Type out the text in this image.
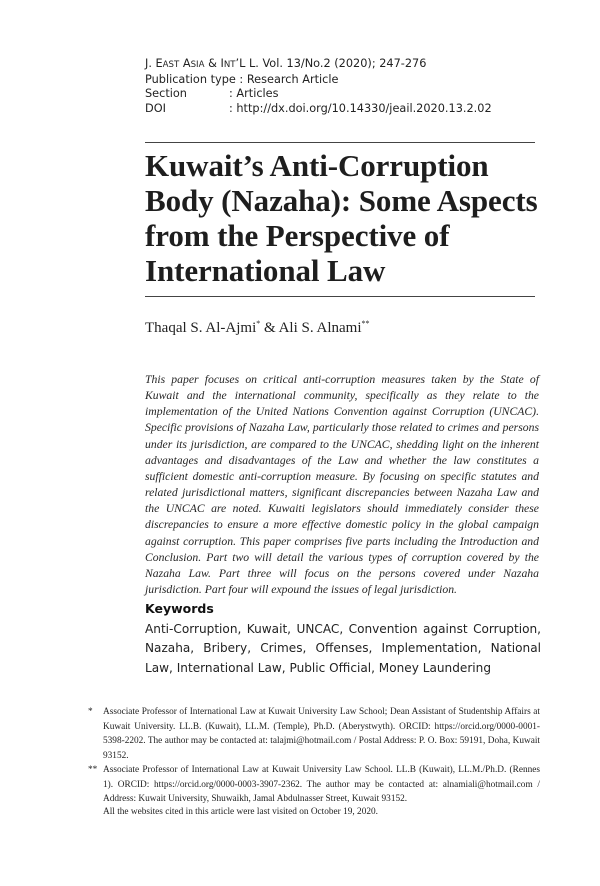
J. EAST ASIA & INT’L L. Vol. 13/No.2 (2020); 247-276
Publication type : Research Article
Section	: Articles
DOI	: http://dx.doi.org/10.14330/jeail.2020.13.2.02
Kuwait’s Anti-Corruption Body (Nazaha): Some Aspects from the Perspective of International Law
Thaqal S. Al-Ajmi* & Ali S. Alnami**

This paper focuses on critical anti-corruption measures taken by the State of Kuwait and the international community, specifically as they relate to the implementation of the United Nations Convention against Corruption (UNCAC). Specific provisions of Nazaha Law, particularly those related to crimes and persons under its jurisdiction, are compared to the UNCAC, shedding light on the inherent advantages and disadvantages of the Law and whether the law constitutes a sufficient domestic anti-corruption measure. By focusing on specific statutes and related jurisdictional matters, significant discrepancies between Nazaha Law and the UNCAC are noted. Kuwaiti legislators should immediately consider these discrepancies to ensure a more effective domestic policy in the global campaign against corruption. This paper comprises five parts including the Introduction and Conclusion. Part two will detail the various types of corruption covered by the Nazaha Law. Part three will focus on the persons covered under Nazaha jurisdiction. Part four will expound the issues of legal jurisdiction.

Keywords

Anti-Corruption, Kuwait, UNCAC, Convention against Corruption, Nazaha, Bribery, Crimes, Offenses, Implementation, National Law, International Law, Public Official, Money Laundering

* Associate Professor of International Law at Kuwait University Law School; Dean Assistant of Studentship Affairs at Kuwait University. LL.B. (Kuwait), LL.M. (Temple), Ph.D. (Aberystwyth). ORCID: https://orcid.org/0000-0001-5398-2202. The author may be contacted at: talajmi@hotmail.com / Postal Address: P. O. Box: 59191, Doha, Kuwait 93152.
** Associate Professor of International Law at Kuwait University Law School. LL.B (Kuwait), LL.M./Ph.D. (Rennes 1). ORCID: https://orcid.org/0000-0003-3907-2362. The author may be contacted at: alnamiali@hotmail.com / Address: Kuwait University, Shuwaikh, Jamal Abdulnasser Street, Kuwait 93152.
All the websites cited in this article were last visited on October 19, 2020.
